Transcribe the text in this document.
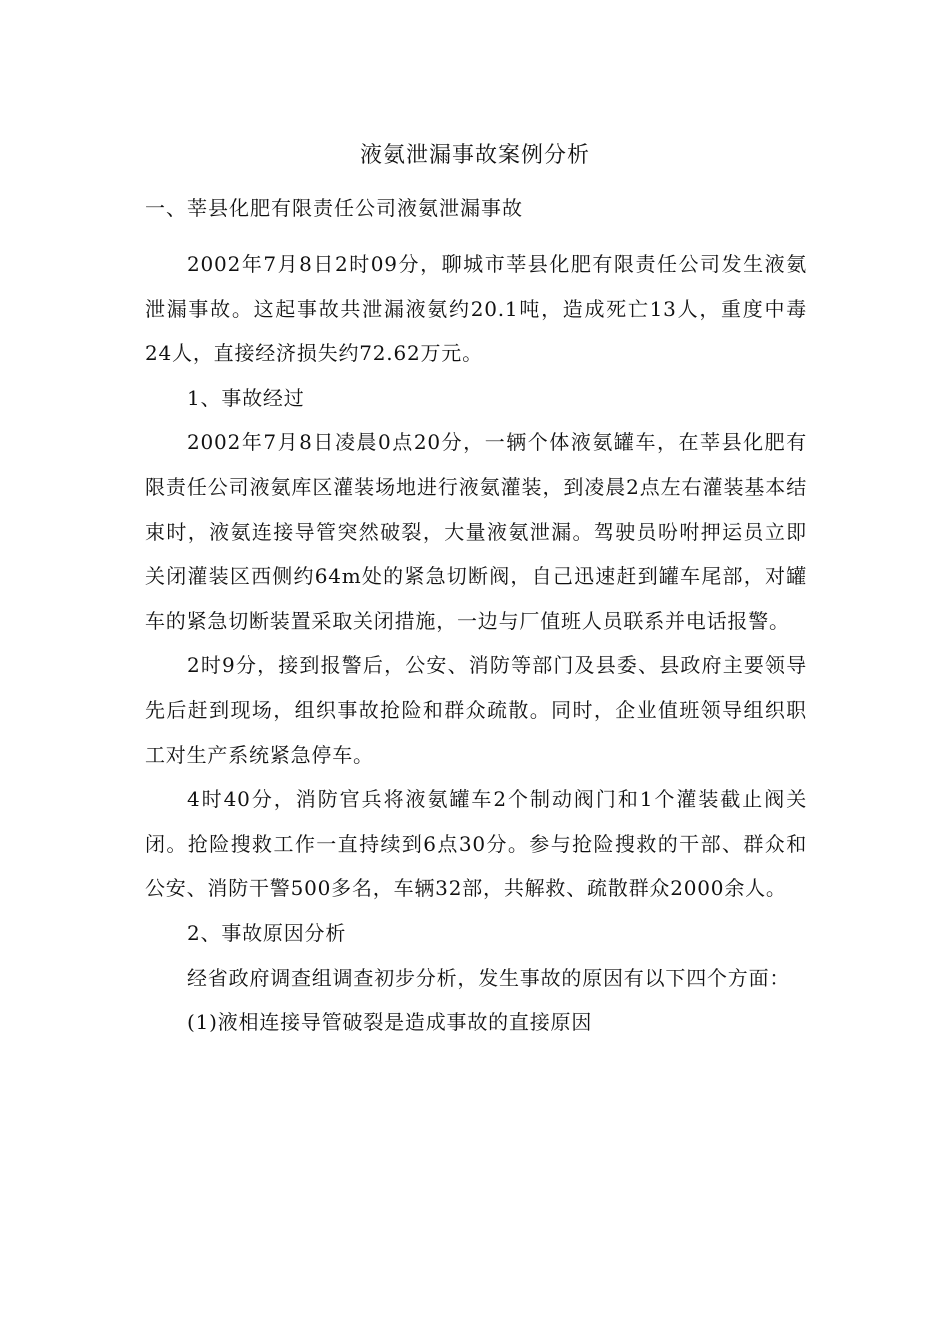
液氨泄漏事故案例分析
一、莘县化肥有限责任公司液氨泄漏事故

2002年7月8日2时09分，聊城市莘县化肥有限责任公司发生液氨泄漏事故。这起事故共泄漏液氨约20.1吨，造成死亡13人，重度中毒24人，直接经济损失约72.62万元。

1、事故经过

2002年7月8日凌晨0点20分，一辆个体液氨罐车，在莘县化肥有限责任公司液氨库区灌装场地进行液氨灌装，到凌晨2点左右灌装基本结束时，液氨连接导管突然破裂，大量液氨泄漏。驾驶员吩咐押运员立即关闭灌装区西侧约64m处的紧急切断阀，自己迅速赶到罐车尾部，对罐车的紧急切断装置采取关闭措施，一边与厂值班人员联系并电话报警。

2时9分，接到报警后，公安、消防等部门及县委、县政府主要领导先后赶到现场，组织事故抢险和群众疏散。同时，企业值班领导组织职工对生产系统紧急停车。

4时40分，消防官兵将液氨罐车2个制动阀门和1个灌装截止阀关闭。抢险搜救工作一直持续到6点30分。参与抢险搜救的干部、群众和公安、消防干警500多名，车辆32部，共解救、疏散群众2000余人。

2、事故原因分析

经省政府调查组调查初步分析，发生事故的原因有以下四个方面：

(1)液相连接导管破裂是造成事故的直接原因
